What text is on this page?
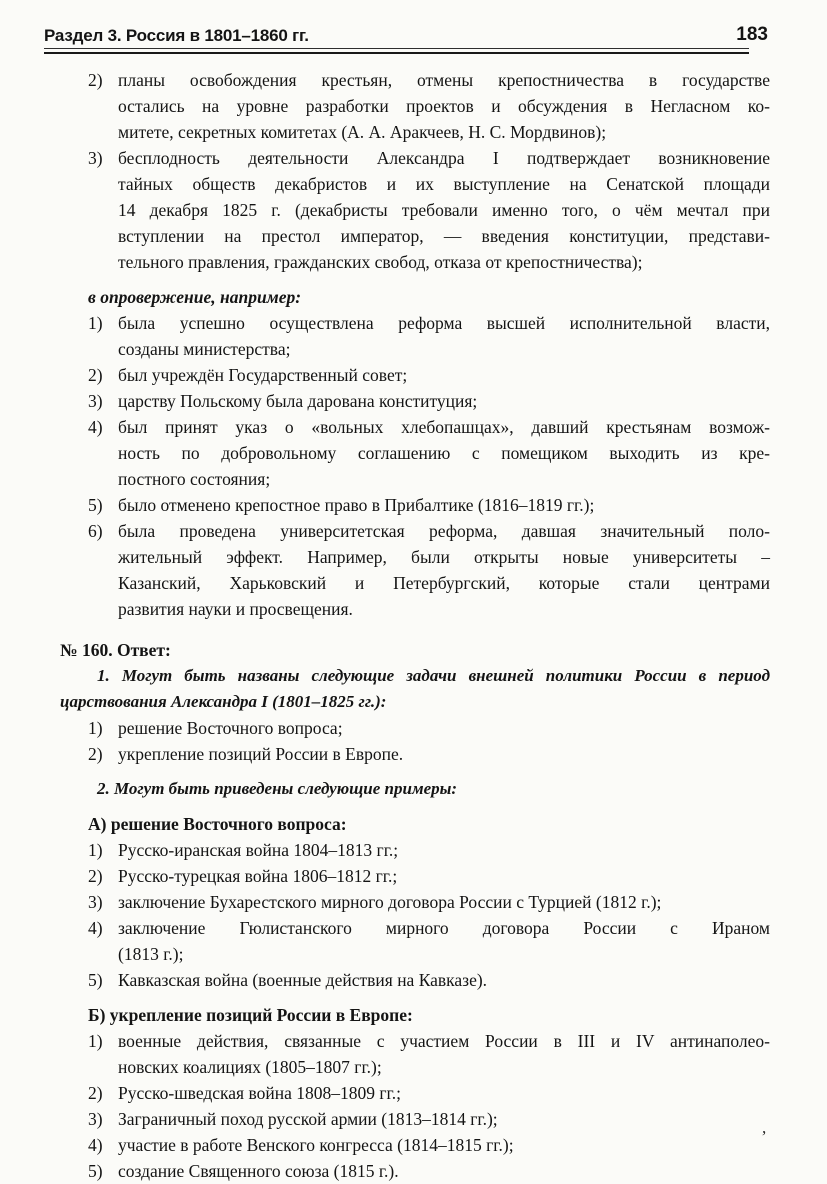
Раздел 3. Россия в 1801–1860 гг.	183
2) планы освобождения крестьян, отмены крепостничества в государстве
остались на уровне разработки проектов и обсуждения в Негласном ко-
митете, секретных комитетах (А. А. Аракчеев, Н. С. Мордвинов);
3) бесплодность деятельности Александра I подтверждает возникновение
тайных обществ декабристов и их выступление на Сенатской площади
14 декабря 1825 г. (декабристы требовали именно того, о чём мечтал при
вступлении на престол император, — введения конституции, представи-
тельного правления, гражданских свобод, отказа от крепостничества);
в опровержение, например:
1) была успешно осуществлена реформа высшей исполнительной власти,
созданы министерства;
2) был учреждён Государственный совет;
3) царству Польскому была дарована конституция;
4) был принят указ о «вольных хлебопашцах», давший крестьянам возмож-
ность по добровольному соглашению с помещиком выходить из кре-
постного состояния;
5) было отменено крепостное право в Прибалтике (1816–1819 гг.);
6) была проведена университетская реформа, давшая значительный поло-
жительный эффект. Например, были открыты новые университеты –
Казанский, Харьковский и Петербургский, которые стали центрами
развития науки и просвещения.
№ 160. Ответ:
1. Могут быть названы следующие задачи внешней политики России в период
царствования Александра I (1801–1825 гг.):
1) решение Восточного вопроса;
2) укрепление позиций России в Европе.
2. Могут быть приведены следующие примеры:
А) решение Восточного вопроса:
1) Русско-иранская война 1804–1813 гг.;
2) Русско-турецкая война 1806–1812 гг.;
3) заключение Бухарестского мирного договора России с Турцией (1812 г.);
4) заключение Гюлистанского мирного договора России с Ираном
(1813 г.);
5) Кавказская война (военные действия на Кавказе).
Б) укрепление позиций России в Европе:
1) военные действия, связанные с участием России в III и IV антинаполео-
новских коалициях (1805–1807 гг.);
2) Русско-шведская война 1808–1809 гг.;
3) Заграничный поход русской армии (1813–1814 гг.);
4) участие в работе Венского конгресса (1814–1815 гг.);
5) создание Священного союза (1815 г.).
,
